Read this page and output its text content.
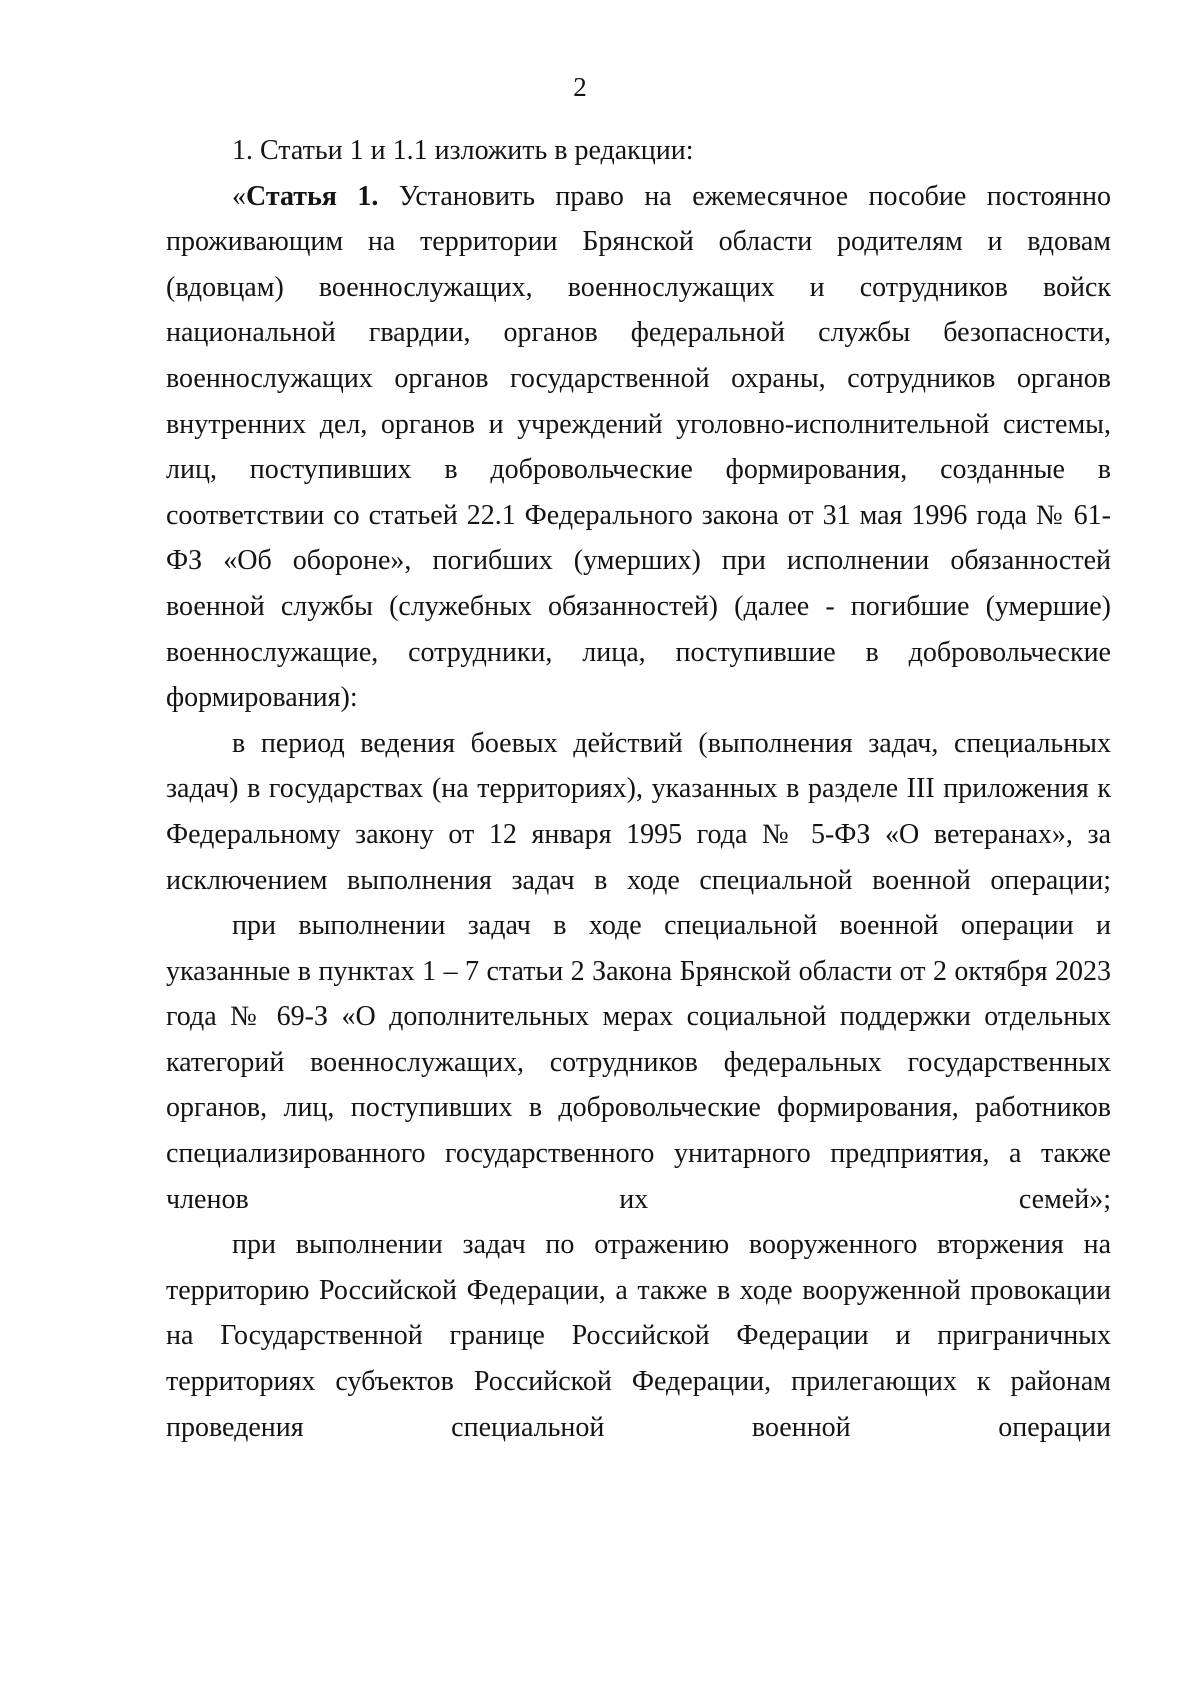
2

1. Статьи 1 и 1.1 изложить в редакции:

«Статья 1. Установить право на ежемесячное пособие постоянно проживающим на территории Брянской области родителям и вдовам (вдовцам) военнослужащих, военнослужащих и сотрудников войск национальной гвардии, органов федеральной службы безопасности, военнослужащих органов государственной охраны, сотрудников органов внутренних дел, органов и учреждений уголовно-исполнительной системы, лиц, поступивших в добровольческие формирования, созданные в соответствии со статьей 22.1 Федерального закона от 31 мая 1996 года № 61-ФЗ «Об обороне», погибших (умерших) при исполнении обязанностей военной службы (служебных обязанностей) (далее - погибшие (умершие) военнослужащие, сотрудники, лица, поступившие в добровольческие формирования):

в период ведения боевых действий (выполнения задач, специальных задач) в государствах (на территориях), указанных в разделе III приложения к Федеральному закону от 12 января 1995 года № 5-ФЗ «О ветеранах», за исключением выполнения задач в ходе специальной военной операции;

при выполнении задач в ходе специальной военной операции и указанные в пунктах 1 – 7 статьи 2 Закона Брянской области от 2 октября 2023 года № 69-З «О дополнительных мерах социальной поддержки отдельных категорий военнослужащих, сотрудников федеральных государственных органов, лиц, поступивших в добровольческие формирования, работников специализированного государственного унитарного предприятия, а также членов их семей»;

при выполнении задач по отражению вооруженного вторжения на территорию Российской Федерации, а также в ходе вооруженной провокации на Государственной границе Российской Федерации и приграничных территориях субъектов Российской Федерации, прилегающих к районам проведения специальной военной операции
